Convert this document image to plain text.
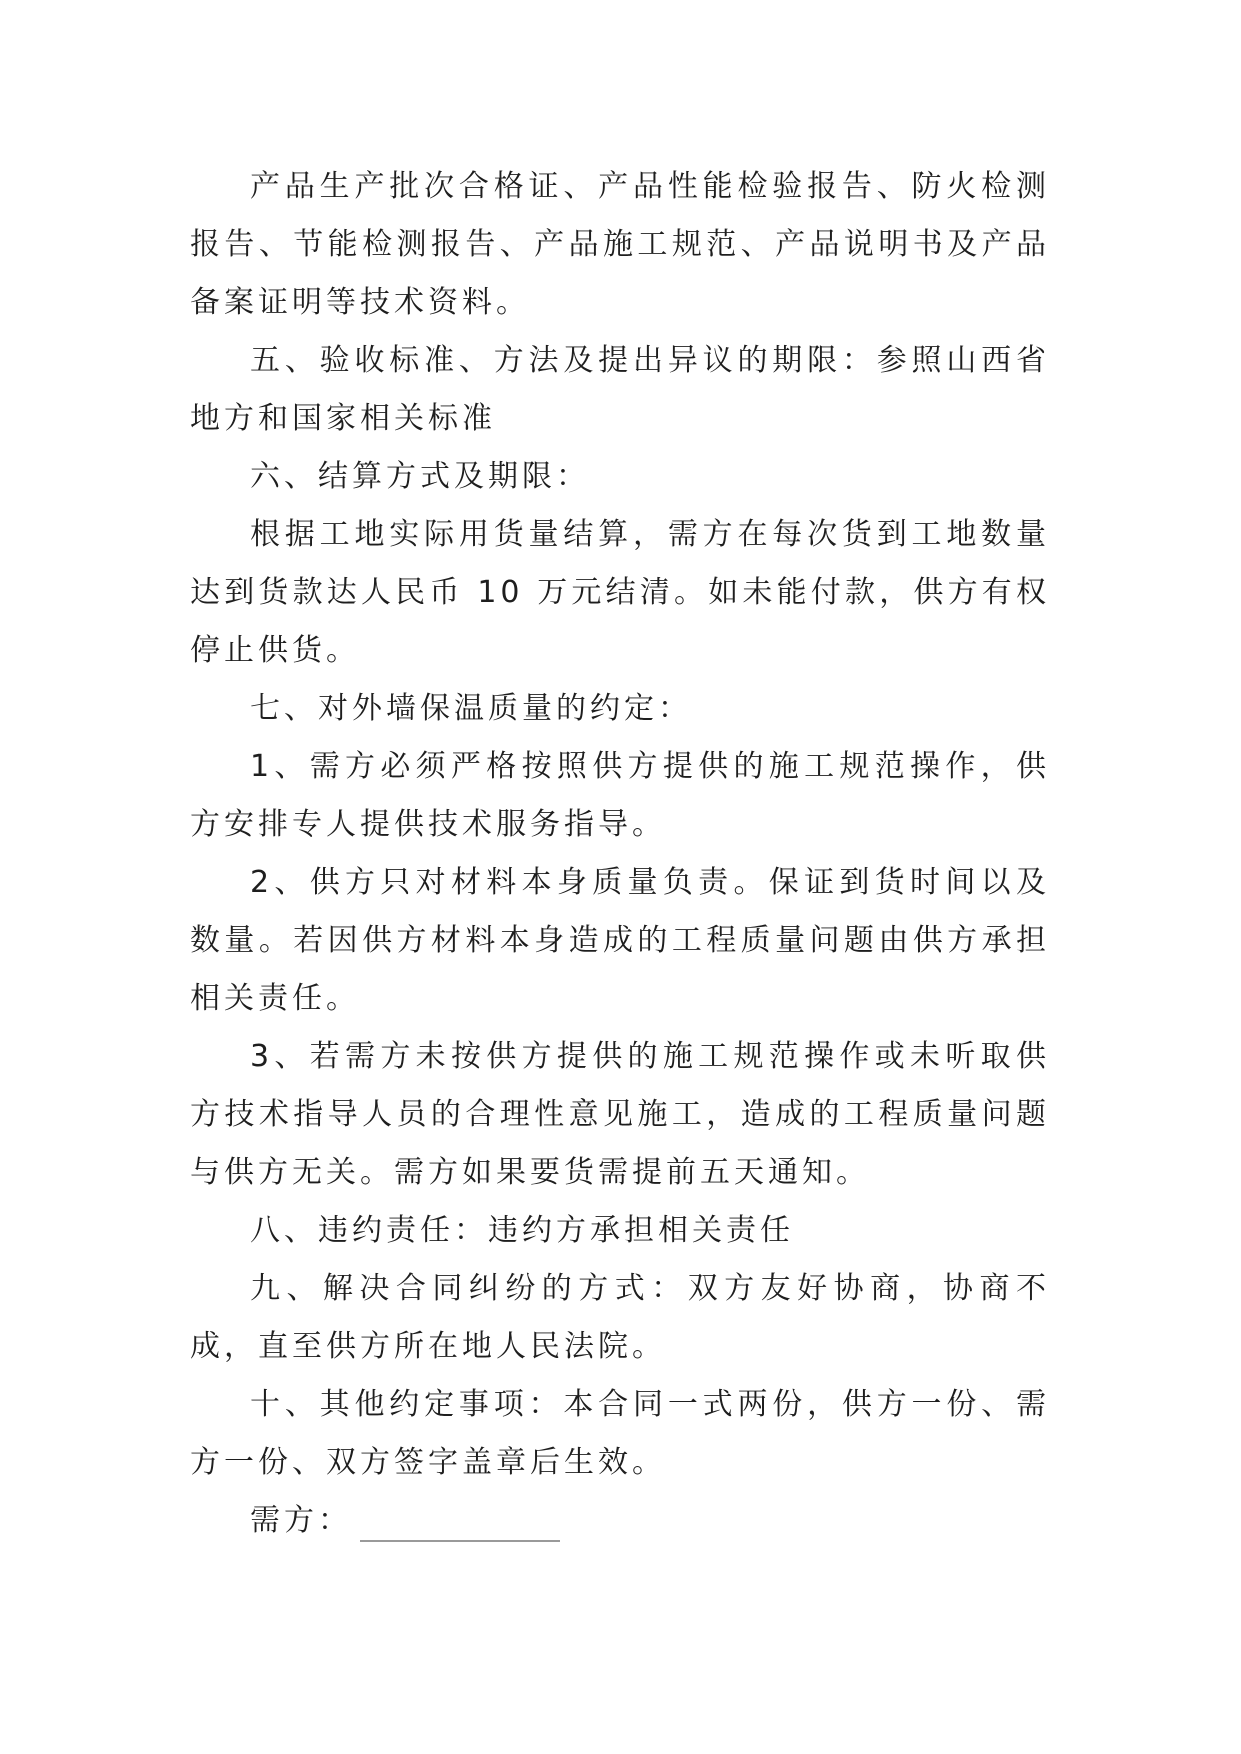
产品生产批次合格证、产品性能检验报告、防火检测报告、节能检测报告、产品施工规范、产品说明书及产品备案证明等技术资料。

五、验收标准、方法及提出异议的期限：参照山西省地方和国家相关标准

六、结算方式及期限：

根据工地实际用货量结算，需方在每次货到工地数量达到货款达人民币 10 万元结清。如未能付款，供方有权停止供货。

七、对外墙保温质量的约定：

1、需方必须严格按照供方提供的施工规范操作，供方安排专人提供技术服务指导。

2、供方只对材料本身质量负责。保证到货时间以及数量。若因供方材料本身造成的工程质量问题由供方承担相关责任。

3、若需方未按供方提供的施工规范操作或未听取供方技术指导人员的合理性意见施工，造成的工程质量问题与供方无关。需方如果要货需提前五天通知。

八、违约责任：违约方承担相关责任

九、解决合同纠纷的方式：双方友好协商，协商不成，直至供方所在地人民法院。

十、其他约定事项：本合同一式两份，供方一份、需方一份、双方签字盖章后生效。

需方：
